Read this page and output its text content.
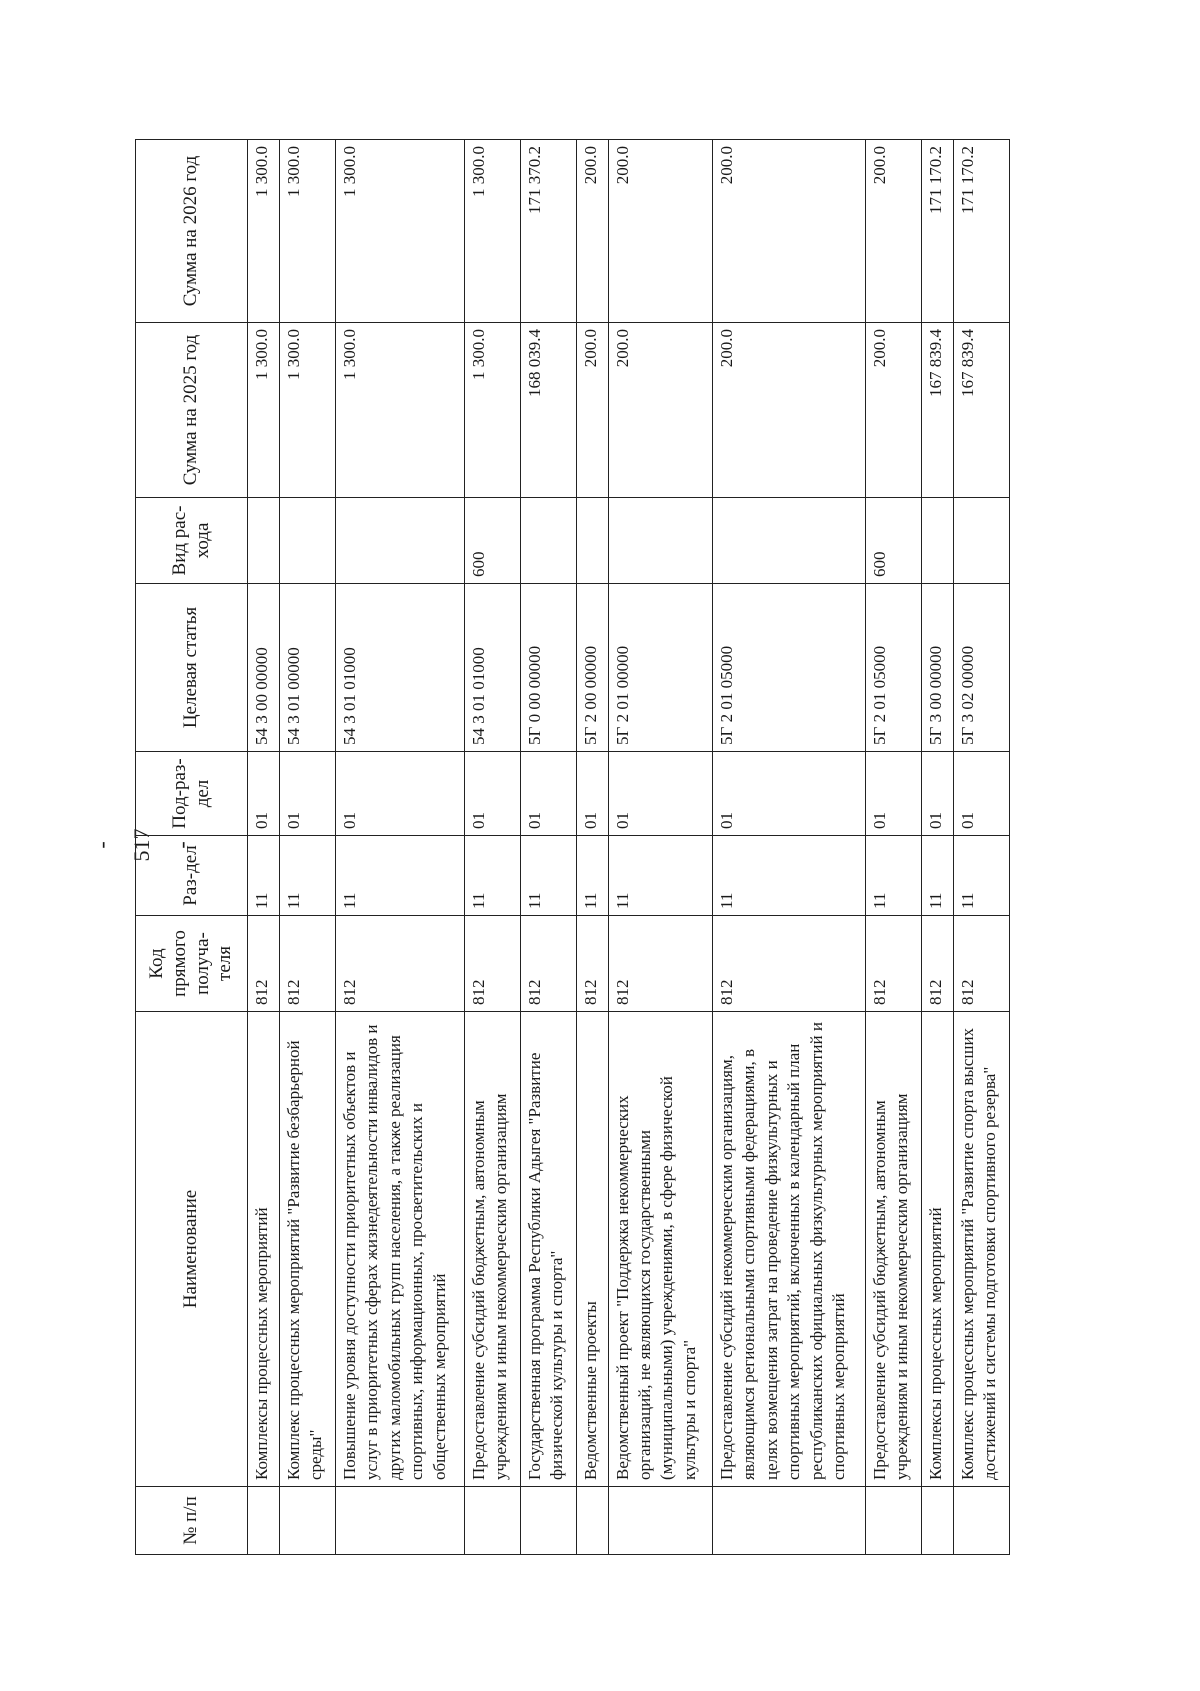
- 517 -
№ п/п	Наименование	Код прямого получа-теля	Раз-дел	Под-раз-дел	Целевая статья	Вид рас-хода	Сумма на 2025 год	Сумма на 2026 год
	Комплексы процессных мероприятий	812	11	01	54 3 00 00000		1 300.0	1 300.0
	Комплекс процессных мероприятий "Развитие безбарьерной среды"	812	11	01	54 3 01 00000		1 300.0	1 300.0
	Повышение уровня доступности приоритетных объектов и услуг в приоритетных сферах жизнедеятельности инвалидов и других маломобильных групп населения, а также реализация спортивных, информационных, просветительских и общественных мероприятий	812	11	01	54 3 01 01000		1 300.0	1 300.0
	Предоставление субсидий бюджетным, автономным учреждениям и иным некоммерческим организациям	812	11	01	54 3 01 01000	600	1 300.0	1 300.0
	Государственная программа Республики Адыгея "Развитие физической культуры и спорта"	812	11	01	5Г 0 00 00000		168 039.4	171 370.2
	Ведомственные проекты	812	11	01	5Г 2 00 00000		200.0	200.0
	Ведомственный проект "Поддержка некоммерческих организаций, не являющихся государственными (муниципальными) учреждениями, в сфере физической культуры и спорта"	812	11	01	5Г 2 01 00000		200.0	200.0
	Предоставление субсидий некоммерческим организациям, являющимся региональными спортивными федерациями, в целях возмещения затрат на проведение физкультурных и спортивных мероприятий, включенных в календарный план республиканских официальных физкультурных мероприятий и спортивных мероприятий	812	11	01	5Г 2 01 05000		200.0	200.0
	Предоставление субсидий бюджетным, автономным учреждениям и иным некоммерческим организациям	812	11	01	5Г 2 01 05000	600	200.0	200.0
	Комплексы процессных мероприятий	812	11	01	5Г 3 00 00000		167 839.4	171 170.2
	Комплекс процессных мероприятий "Развитие спорта высших достижений и системы подготовки спортивного резерва"	812	11	01	5Г 3 02 00000		167 839.4	171 170.2
